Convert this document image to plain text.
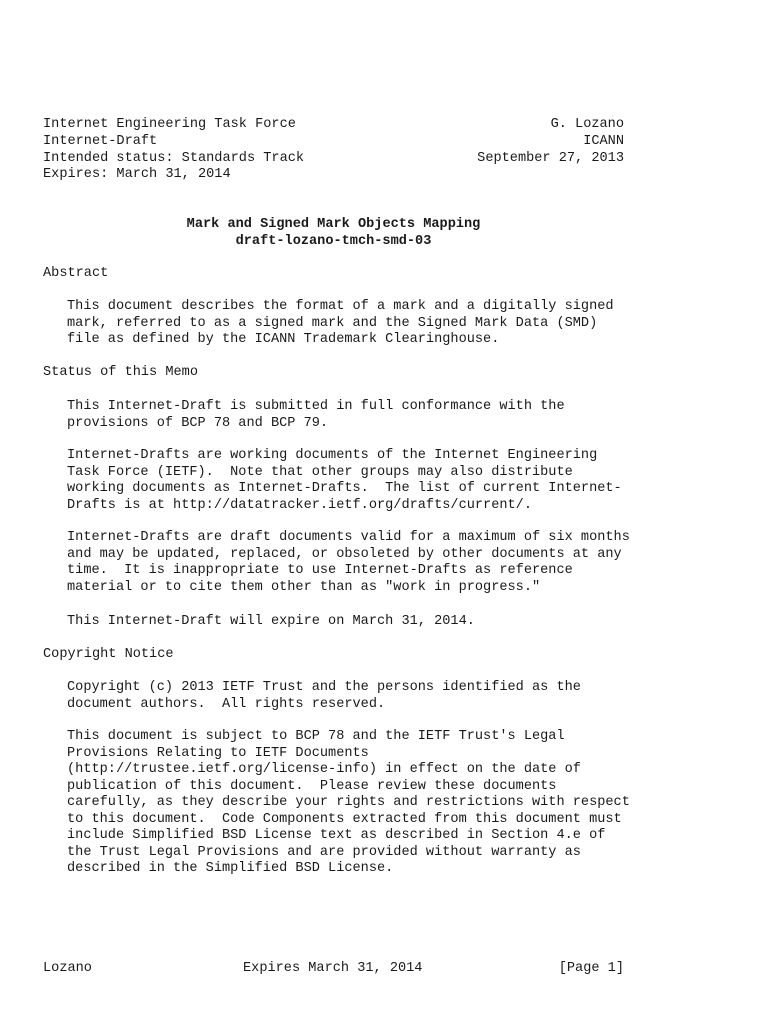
Internet Engineering Task Force
Internet-Draft
Intended status: Standards Track
Expires: March 31, 2014
G. Lozano
ICANN
September 27, 2013
Mark and Signed Mark Objects Mapping
draft-lozano-tmch-smd-03
Abstract
This document describes the format of a mark and a digitally signed
mark, referred to as a signed mark and the Signed Mark Data (SMD)
file as defined by the ICANN Trademark Clearinghouse.
Status of this Memo
This Internet-Draft is submitted in full conformance with the
provisions of BCP 78 and BCP 79.
Internet-Drafts are working documents of the Internet Engineering
Task Force (IETF).  Note that other groups may also distribute
working documents as Internet-Drafts.  The list of current Internet-
Drafts is at http://datatracker.ietf.org/drafts/current/.
Internet-Drafts are draft documents valid for a maximum of six months
and may be updated, replaced, or obsoleted by other documents at any
time.  It is inappropriate to use Internet-Drafts as reference
material or to cite them other than as "work in progress."
This Internet-Draft will expire on March 31, 2014.
Copyright Notice
Copyright (c) 2013 IETF Trust and the persons identified as the
document authors.  All rights reserved.
This document is subject to BCP 78 and the IETF Trust's Legal
Provisions Relating to IETF Documents
(http://trustee.ietf.org/license-info) in effect on the date of
publication of this document.  Please review these documents
carefully, as they describe your rights and restrictions with respect
to this document.  Code Components extracted from this document must
include Simplified BSD License text as described in Section 4.e of
the Trust Legal Provisions and are provided without warranty as
described in the Simplified BSD License.
Lozano	Expires March 31, 2014	[Page 1]
